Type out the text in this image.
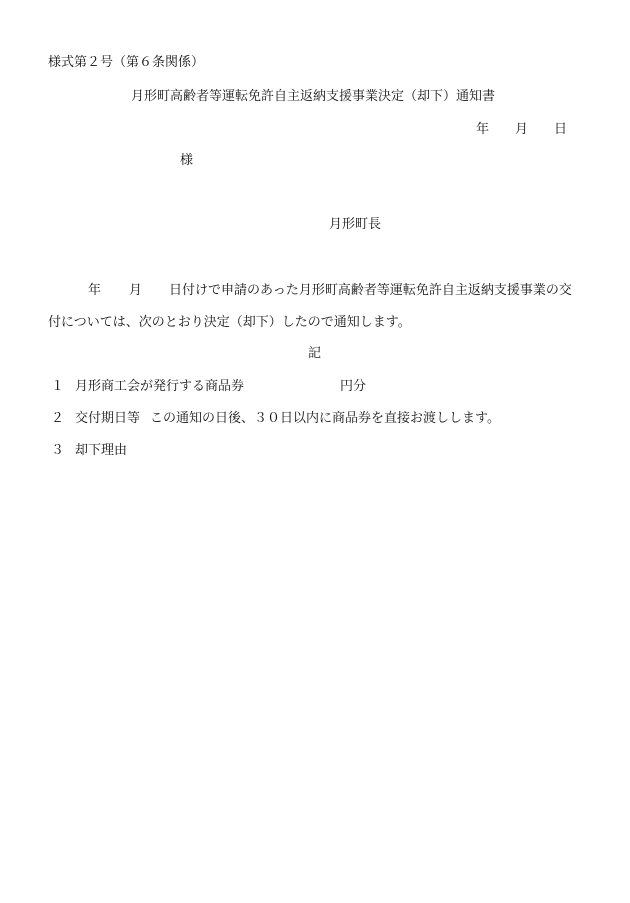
様式第２号（第６条関係）
月形町高齢者等運転免許自主返納支援事業決定（却下）通知書
年 月 日
様
月形町長
年 月 日付けで申請のあった月形町高齢者等運転免許自主返納支援事業の交
付については、次のとおり決定（却下）したので通知します。
記
１ 月形商工会が発行する商品券	円分
２ 交付期日等 この通知の日後、３０日以内に商品券を直接お渡しします。
３ 却下理由
